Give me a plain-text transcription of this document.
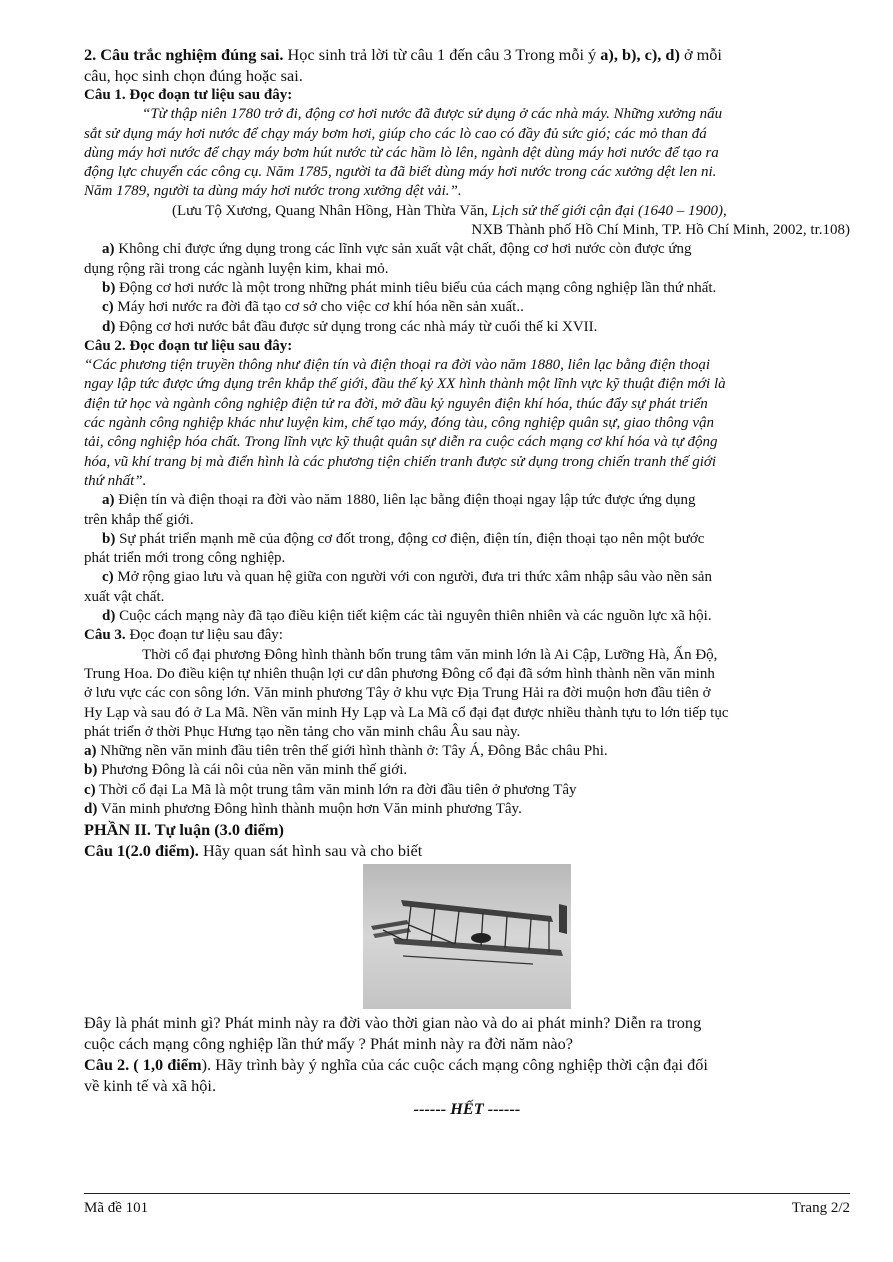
2. Câu trắc nghiệm đúng sai. Học sinh trả lời từ câu 1 đến câu 3 Trong mỗi ý a), b), c), d) ở mỗi
câu, học sinh chọn đúng hoặc sai.
Câu 1. Đọc đoạn tư liệu sau đây:
“Từ thập niên 1780 trở đi, động cơ hơi nước đã được sử dụng ở các nhà máy. Những xưởng nấu
sắt sử dụng máy hơi nước để chạy máy bơm hơi, giúp cho các lò cao có đầy đủ sức gió; các mỏ than đá
dùng máy hơi nước để chạy máy bơm hút nước từ các hầm lò lên, ngành dệt dùng máy hơi nước để tạo ra
động lực chuyển các công cụ. Năm 1785, người ta đã biết dùng máy hơi nước trong các xưởng dệt len ni.
Năm 1789, người ta dùng máy hơi nước trong xưởng dệt vải.”.
(Lưu Tộ Xương, Quang Nhân Hồng, Hàn Thừa Văn, Lịch sử thế giới cận đại (1640 – 1900),
NXB Thành phố Hồ Chí Minh, TP. Hồ Chí Minh, 2002, tr.108)
a) Không chỉ được ứng dụng trong các lĩnh vực sản xuất vật chất, động cơ hơi nước còn được ứng
dụng rộng rãi trong các ngành luyện kim, khai mỏ.
b) Động cơ hơi nước là một trong những phát minh tiêu biểu của cách mạng công nghiệp lần thứ nhất.
c) Máy hơi nước ra đời đã tạo cơ sở cho việc cơ khí hóa nền sản xuất..
d) Động cơ hơi nước bắt đầu được sử dụng trong các nhà máy từ cuối thế kỉ XVII.
Câu 2. Đọc đoạn tư liệu sau đây:
“Các phương tiện truyền thông như điện tín và điện thoại ra đời vào năm 1880, liên lạc bằng điện thoại
ngay lập tức được ứng dụng trên khắp thế giới, đầu thế kỷ XX hình thành một lĩnh vực kỹ thuật điện mới là
điện tử học và ngành công nghiệp điện tử ra đời, mở đầu kỷ nguyên điện khí hóa, thúc đẩy sự phát triển
các ngành công nghiệp khác như luyện kim, chế tạo máy, đóng tàu, công nghiệp quân sự, giao thông vận
tải, công nghiệp hóa chất. Trong lĩnh vực kỹ thuật quân sự diễn ra cuộc cách mạng cơ khí hóa và tự động
hóa, vũ khí trang bị mà điển hình là các phương tiện chiến tranh được sử dụng trong chiến tranh thế giới
thứ nhất”.
a) Điện tín và điện thoại ra đời vào năm 1880, liên lạc bằng điện thoại ngay lập tức được ứng dụng
trên khắp thế giới.
b) Sự phát triển mạnh mẽ của động cơ đốt trong, động cơ điện, điện tín, điện thoại tạo nên một bước
phát triển mới trong công nghiệp.
c) Mở rộng giao lưu và quan hệ giữa con người với con người, đưa tri thức xâm nhập sâu vào nền sản
xuất vật chất.
d) Cuộc cách mạng này đã tạo điều kiện tiết kiệm các tài nguyên thiên nhiên và các nguồn lực xã hội.
Câu 3. Đọc đoạn tư liệu sau đây:
Thời cổ đại phương Đông hình thành bốn trung tâm văn minh lớn là Ai Cập, Lưỡng Hà, Ấn Độ,
Trung Hoa. Do điều kiện tự nhiên thuận lợi cư dân phương Đông cổ đại đã sớm hình thành nền văn minh
ở lưu vực các con sông lớn. Văn minh phương Tây ở khu vực Địa Trung Hải ra đời muộn hơn đầu tiên ở
Hy Lạp và sau đó ở La Mã. Nền văn minh Hy Lạp và La Mã cổ đại đạt được nhiều thành tựu to lớn tiếp tục
phát triển ở thời Phục Hưng tạo nền tảng cho văn minh châu Âu sau này.
a) Những nền văn minh đầu tiên trên thế giới hình thành ở: Tây Á, Đông Bắc châu Phi.
b) Phương Đông là cái nôi của nền văn minh thế giới.
c) Thời cổ đại La Mã là một trung tâm văn minh lớn ra đời đầu tiên ở phương Tây
d) Văn minh phương Đông hình thành muộn hơn Văn minh phương Tây.
PHẦN II. Tự luận (3.0 điểm)
Câu 1(2.0 điểm). Hãy quan sát hình sau và cho biết
Đây là phát minh gì? Phát minh này ra đời vào thời gian nào và do ai phát minh? Diễn ra trong
cuộc cách mạng công nghiệp lần thứ mấy ? Phát minh này ra đời năm nào?
Câu 2. ( 1,0 điểm). Hãy trình bày ý nghĩa của các cuộc cách mạng công nghiệp thời cận đại đối
về kinh tế và xã hội.
------ HẾT ------
Mã đề 101	Trang 2/2
